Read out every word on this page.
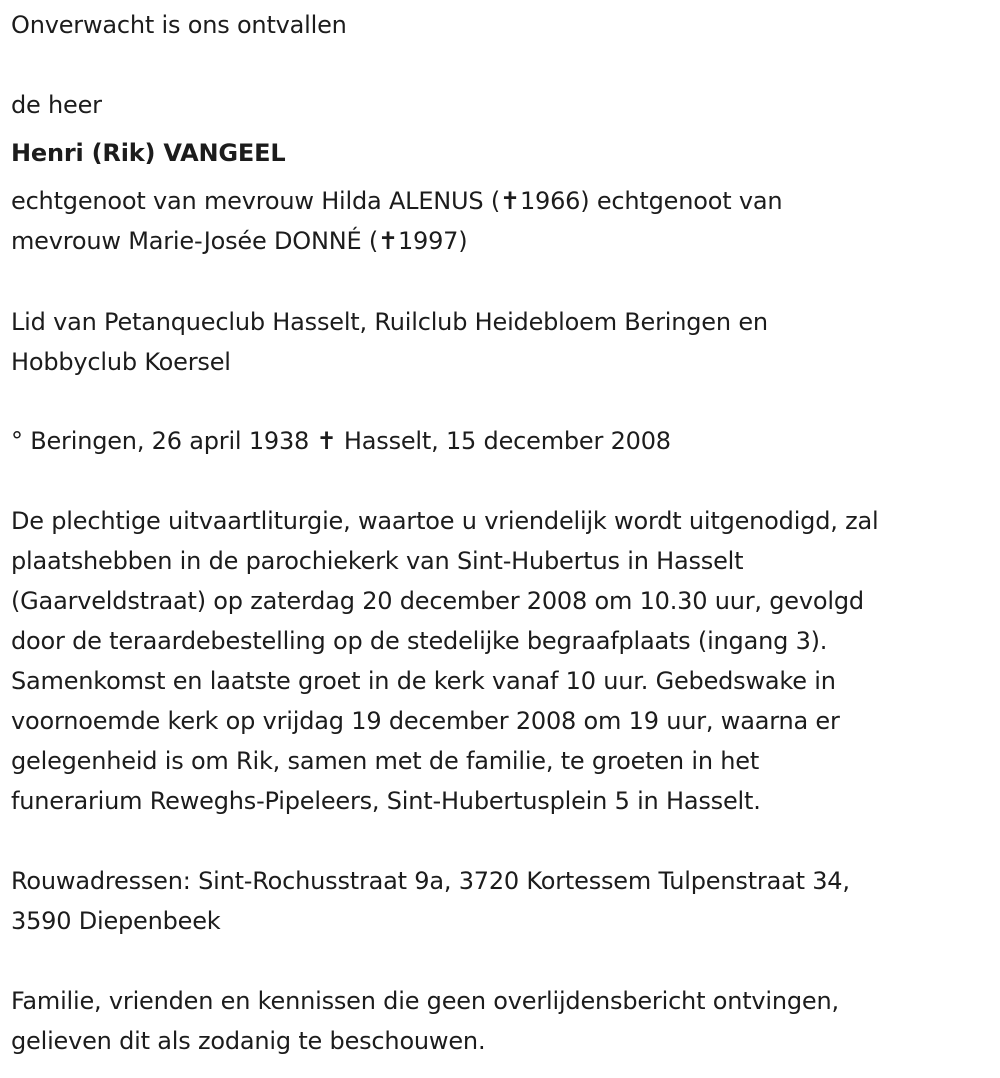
Onverwacht is ons ontvallen
de heer
Henri (Rik) VANGEEL
echtgenoot van mevrouw Hilda ALENUS (✝1966) echtgenoot van
mevrouw Marie-Josée DONNÉ (✝1997)
Lid van Petanqueclub Hasselt, Ruilclub Heidebloem Beringen en
Hobbyclub Koersel
° Beringen, 26 april 1938 ✝ Hasselt, 15 december 2008
De plechtige uitvaartliturgie, waartoe u vriendelijk wordt uitgenodigd, zal
plaatshebben in de parochiekerk van Sint-Hubertus in Hasselt
(Gaarveldstraat) op zaterdag 20 december 2008 om 10.30 uur, gevolgd
door de teraardebestelling op de stedelijke begraafplaats (ingang 3).
Samenkomst en laatste groet in de kerk vanaf 10 uur. Gebedswake in
voornoemde kerk op vrijdag 19 december 2008 om 19 uur, waarna er
gelegenheid is om Rik, samen met de familie, te groeten in het
funerarium Reweghs-Pipeleers, Sint-Hubertusplein 5 in Hasselt.
Rouwadressen: Sint-Rochusstraat 9a, 3720 Kortessem Tulpenstraat 34,
3590 Diepenbeek
Familie, vrienden en kennissen die geen overlijdensbericht ontvingen,
gelieven dit als zodanig te beschouwen.
